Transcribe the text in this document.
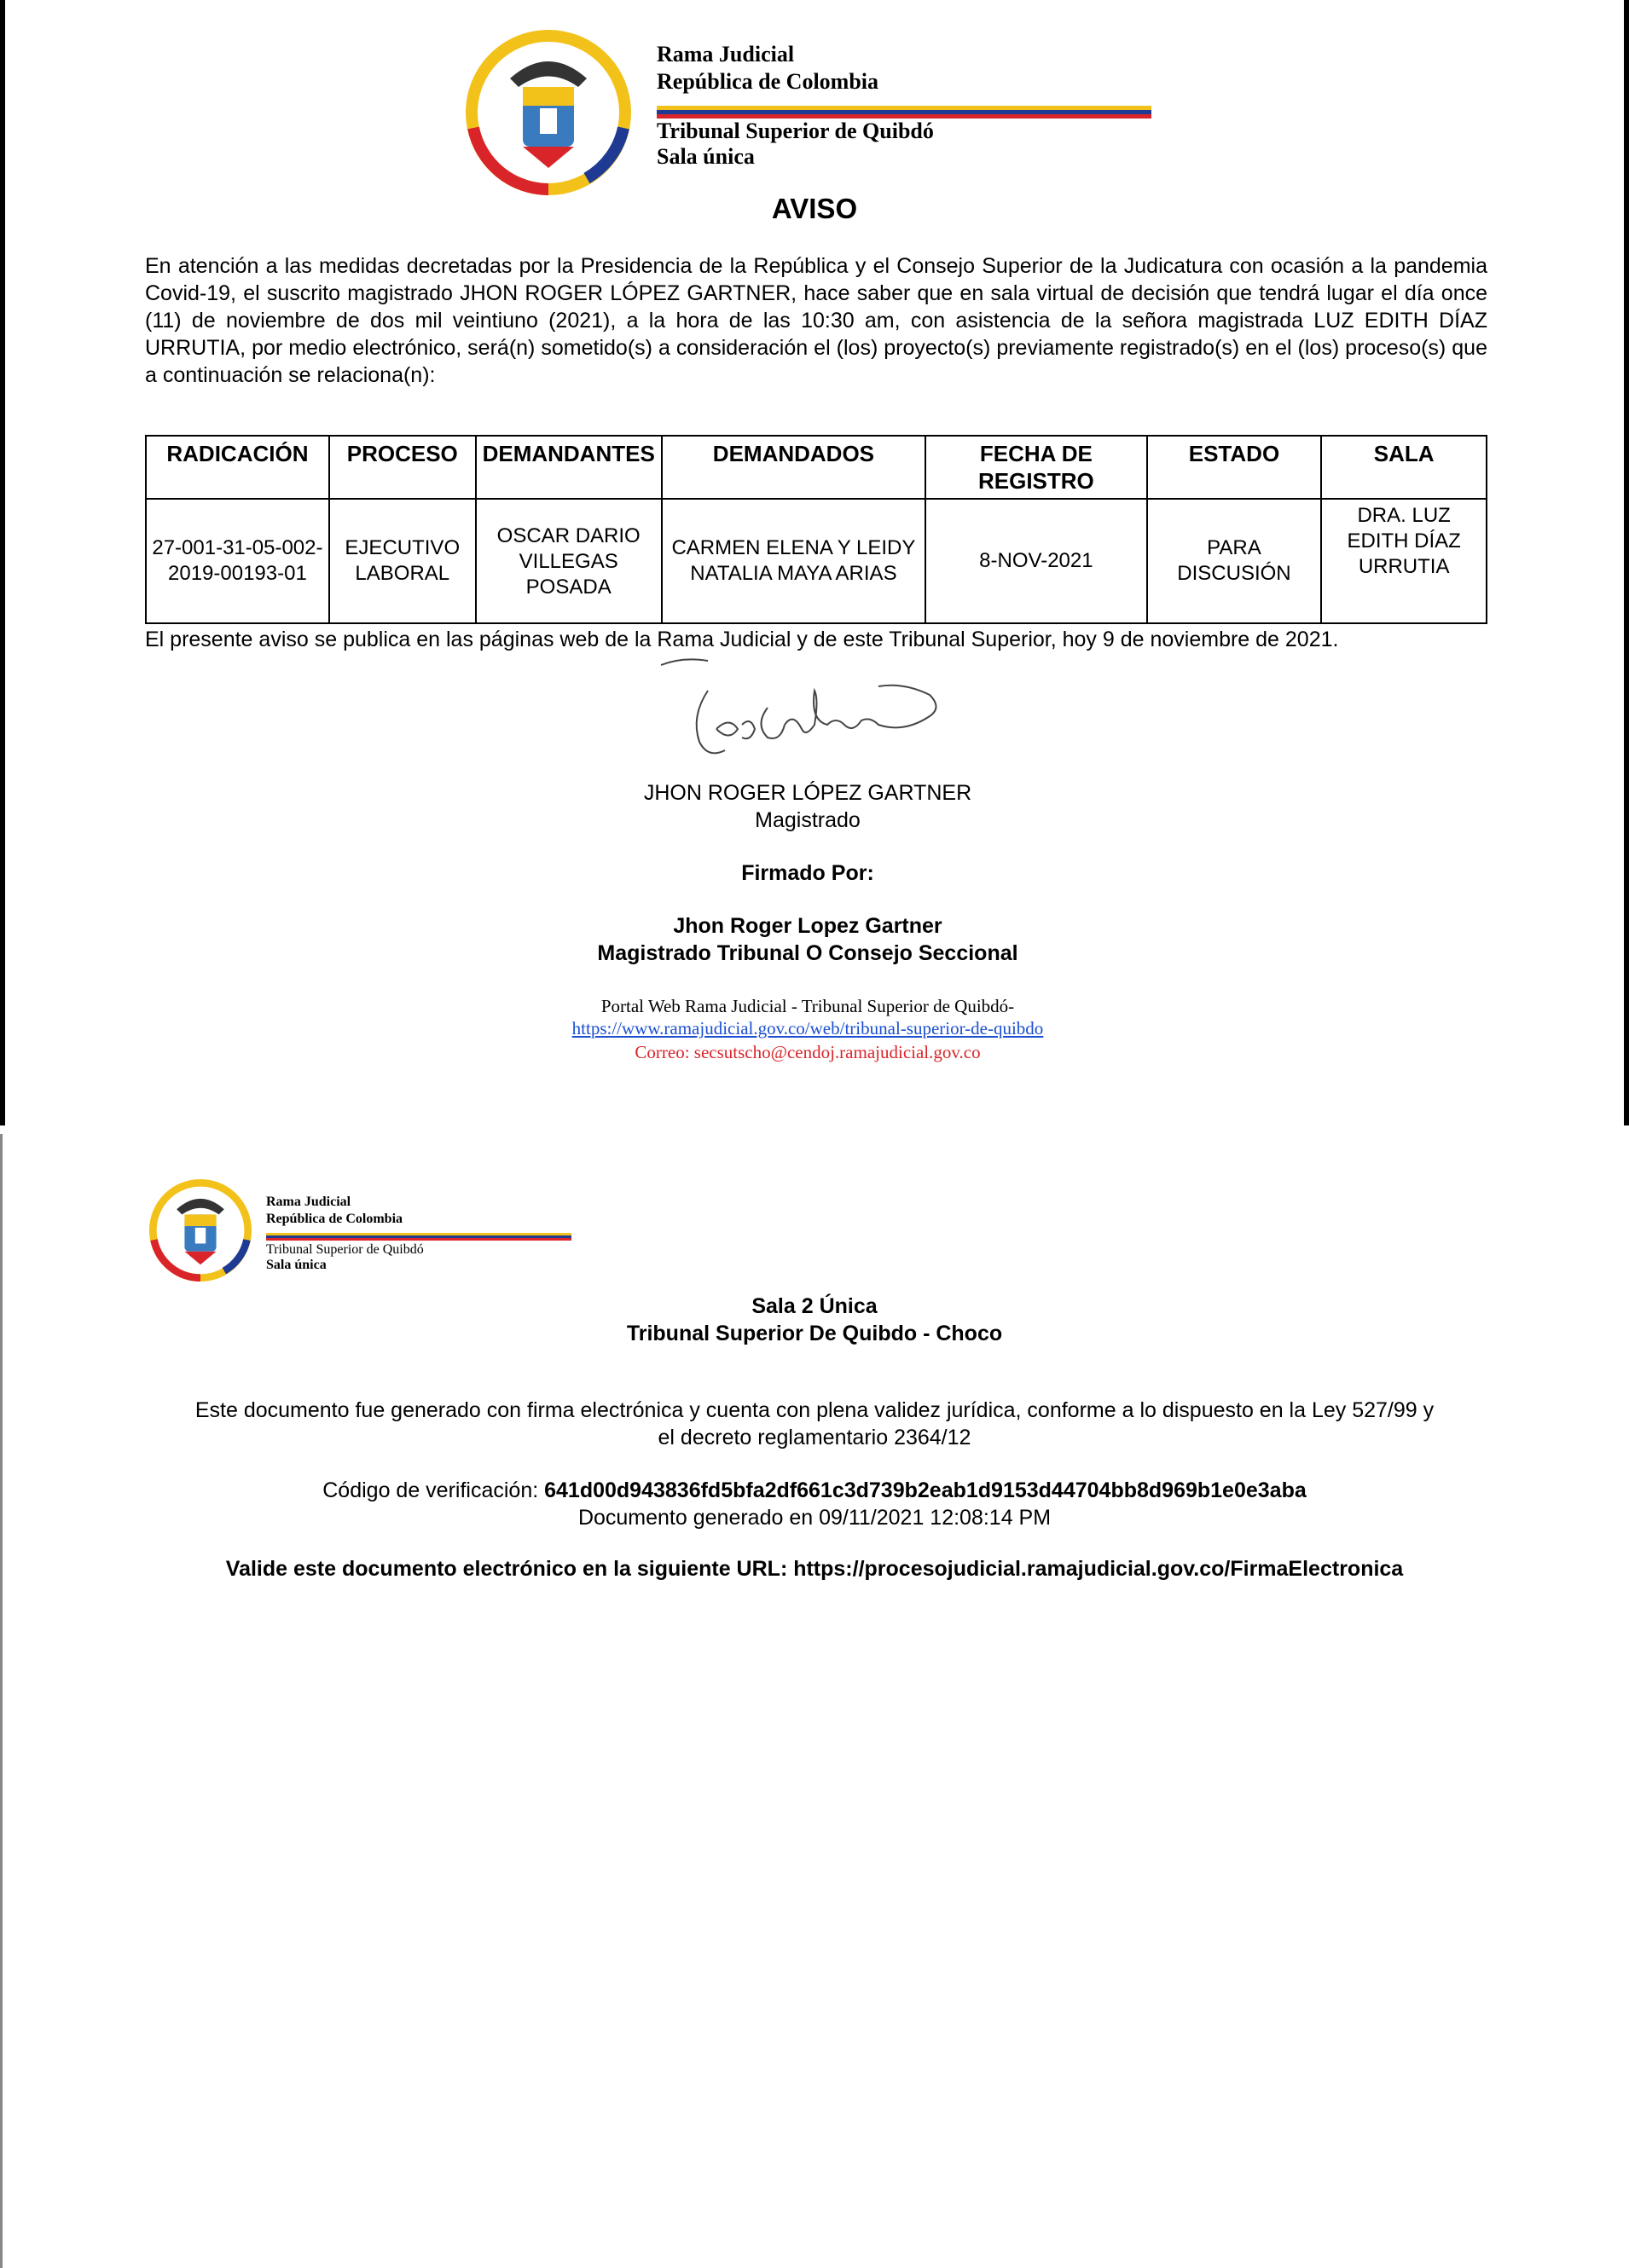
Rama Judicial
República de Colombia
Tribunal Superior de Quibdó
Sala única
AVISO
En atención a las medidas decretadas por la Presidencia de la República y el Consejo Superior de la Judicatura con ocasión a la pandemia Covid-19, el suscrito magistrado JHON ROGER LÓPEZ GARTNER, hace saber que en sala virtual de decisión que tendrá lugar el día once (11) de noviembre de dos mil veintiuno (2021), a la hora de las 10:30 am, con asistencia de la señora magistrada LUZ EDITH DÍAZ URRUTIA, por medio electrónico, será(n) sometido(s) a consideración el (los) proyecto(s) previamente registrado(s) en el (los) proceso(s) que a continuación se relaciona(n):
RADICACIÓN	PROCESO	DEMANDANTES	DEMANDADOS	FECHA DE REGISTRO	ESTADO	SALA
27-001-31-05-002-2019-00193-01	EJECUTIVO LABORAL	OSCAR DARIO VILLEGAS POSADA	CARMEN ELENA Y LEIDY NATALIA MAYA ARIAS	8-NOV-2021	PARA DISCUSIÓN	DRA. LUZ EDITH DÍAZ URRUTIA
El presente aviso se publica en las páginas web de la Rama Judicial y de este Tribunal Superior, hoy 9 de noviembre de 2021.
JHON ROGER LÓPEZ GARTNER
Magistrado
Firmado Por:
Jhon Roger Lopez Gartner
Magistrado Tribunal O Consejo Seccional
Portal Web Rama Judicial - Tribunal Superior de Quibdó-
https://www.ramajudicial.gov.co/web/tribunal-superior-de-quibdo
Correo: secsutscho@cendoj.ramajudicial.gov.co
Rama Judicial
República de Colombia
Tribunal Superior de Quibdó
Sala única
Sala 2 Única
Tribunal Superior De Quibdo - Choco
Este documento fue generado con firma electrónica y cuenta con plena validez jurídica, conforme a lo dispuesto en la Ley 527/99 y
el decreto reglamentario 2364/12
Código de verificación: 641d00d943836fd5bfa2df661c3d739b2eab1d9153d44704bb8d969b1e0e3aba
Documento generado en 09/11/2021 12:08:14 PM
Valide este documento electrónico en la siguiente URL: https://procesojudicial.ramajudicial.gov.co/FirmaElectronica
